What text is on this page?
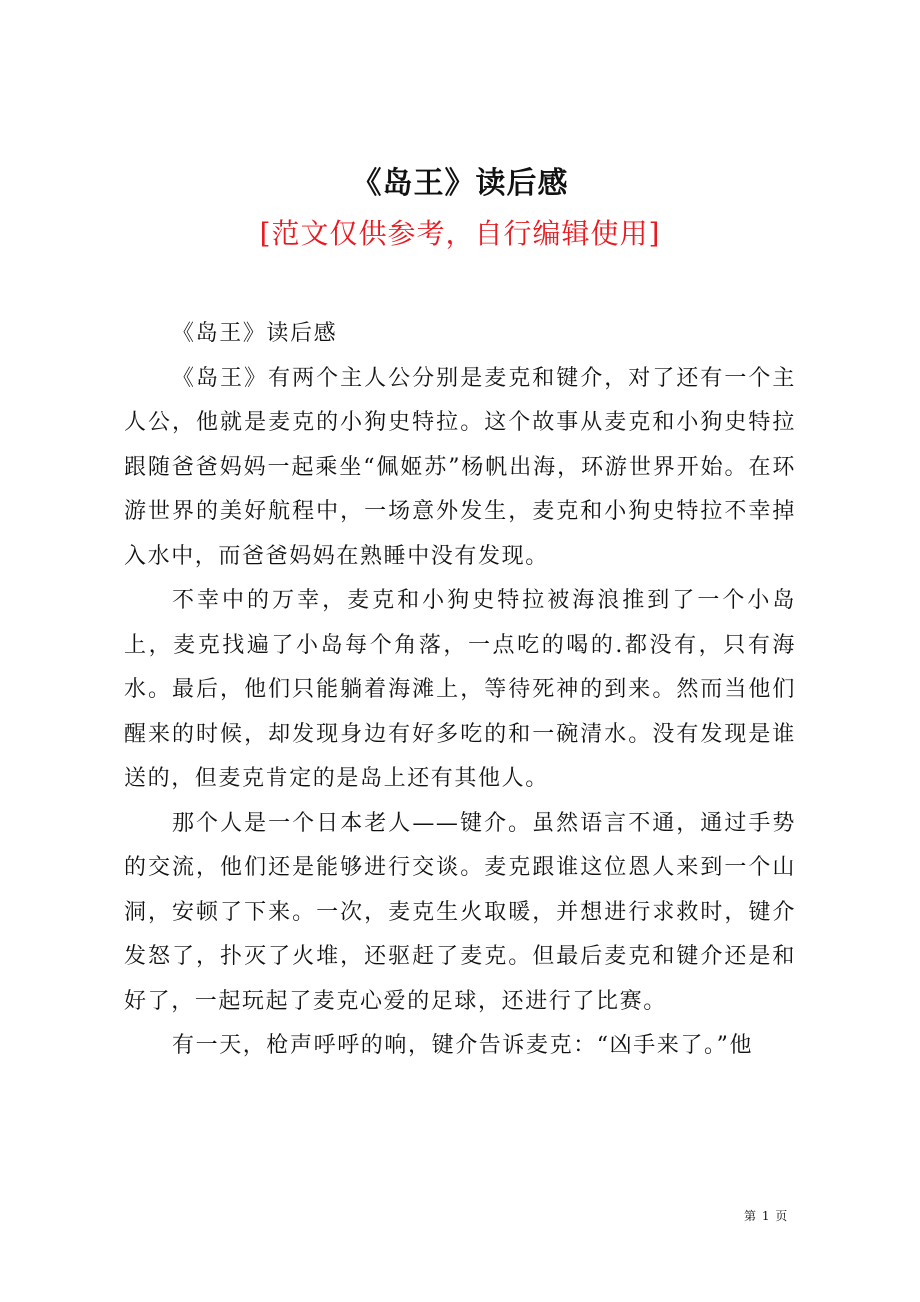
《岛王》读后感
[范文仅供参考，自行编辑使用]

《岛王》读后感

《岛王》有两个主人公分别是麦克和键介，对了还有一个主人公，他就是麦克的小狗史特拉。这个故事从麦克和小狗史特拉跟随爸爸妈妈一起乘坐“佩姬苏”杨帆出海，环游世界开始。在环游世界的美好航程中，一场意外发生，麦克和小狗史特拉不幸掉入水中，而爸爸妈妈在熟睡中没有发现。

不幸中的万幸，麦克和小狗史特拉被海浪推到了一个小岛上，麦克找遍了小岛每个角落，一点吃的喝的.都没有，只有海水。最后，他们只能躺着海滩上，等待死神的到来。然而当他们醒来的时候，却发现身边有好多吃的和一碗清水。没有发现是谁送的，但麦克肯定的是岛上还有其他人。

那个人是一个日本老人——键介。虽然语言不通，通过手势的交流，他们还是能够进行交谈。麦克跟谁这位恩人来到一个山洞，安顿了下来。一次，麦克生火取暖，并想进行求救时，键介发怒了，扑灭了火堆，还驱赶了麦克。但最后麦克和键介还是和好了，一起玩起了麦克心爱的足球，还进行了比赛。

有一天，枪声呼呼的响，键介告诉麦克：“凶手来了。”他

第 1 页
